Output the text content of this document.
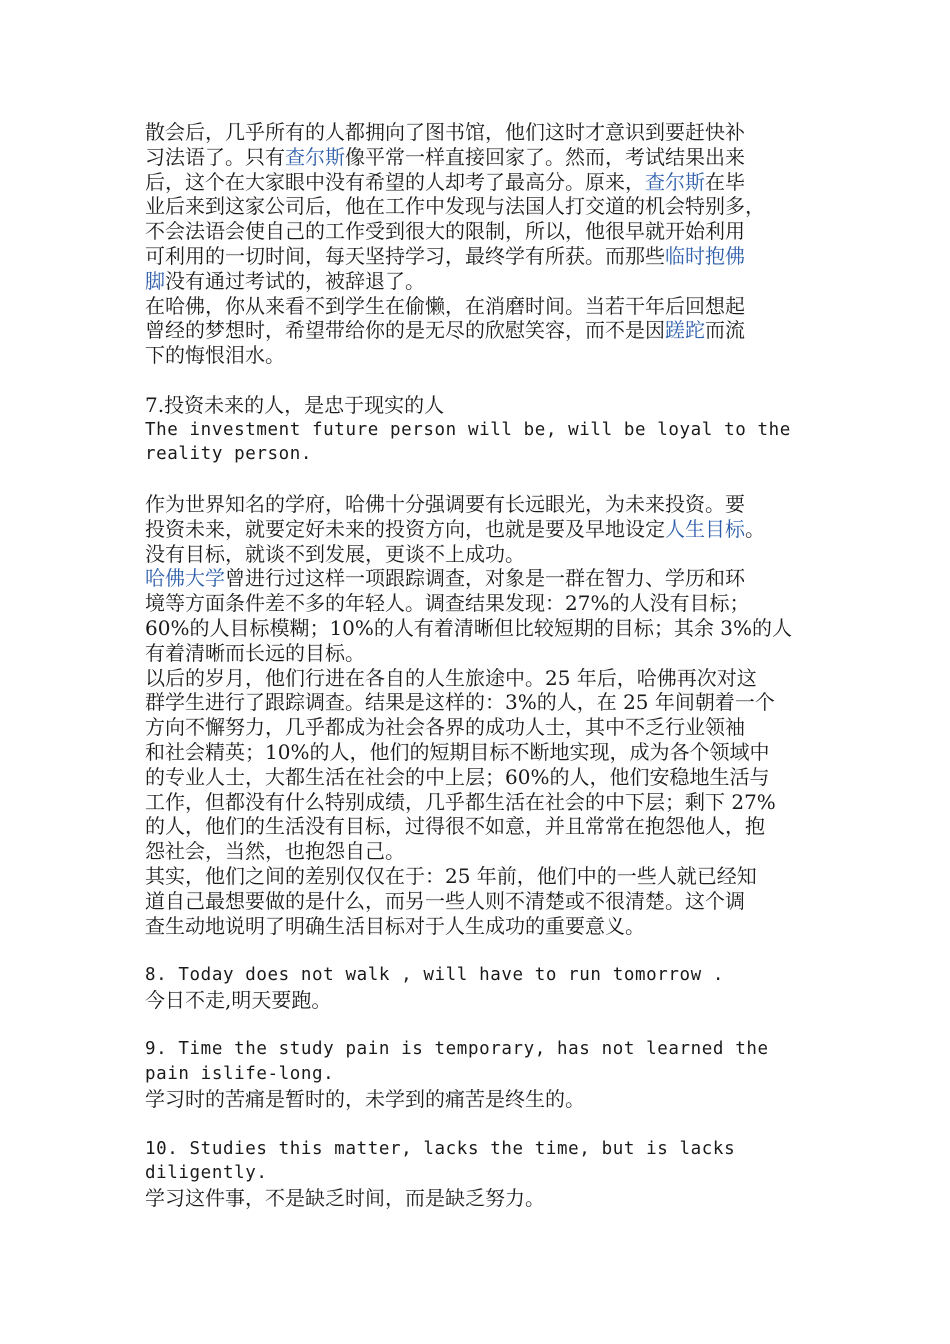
散会后，几乎所有的人都拥向了图书馆，他们这时才意识到要赶快补
习法语了。只有查尔斯像平常一样直接回家了。然而，考试结果出来
后，这个在大家眼中没有希望的人却考了最高分。原来，查尔斯在毕
业后来到这家公司后，他在工作中发现与法国人打交道的机会特别多，
不会法语会使自己的工作受到很大的限制，所以，他很早就开始利用
可利用的一切时间，每天坚持学习，最终学有所获。而那些临时抱佛
脚没有通过考试的，被辞退了。
在哈佛，你从来看不到学生在偷懒，在消磨时间。当若干年后回想起
曾经的梦想时，希望带给你的是无尽的欣慰笑容，而不是因蹉跎而流
下的悔恨泪水。
7.投资未来的人，是忠于现实的人
The investment future person will be, will be loyal to the
reality person.
作为世界知名的学府，哈佛十分强调要有长远眼光，为未来投资。要
投资未来，就要定好未来的投资方向，也就是要及早地设定人生目标。
没有目标，就谈不到发展，更谈不上成功。
哈佛大学曾进行过这样一项跟踪调查，对象是一群在智力、学历和环
境等方面条件差不多的年轻人。调查结果发现：27%的人没有目标；
60%的人目标模糊；10%的人有着清晰但比较短期的目标；其余 3%的人
有着清晰而长远的目标。
以后的岁月，他们行进在各自的人生旅途中。25 年后，哈佛再次对这
群学生进行了跟踪调查。结果是这样的：3%的人，在 25 年间朝着一个
方向不懈努力，几乎都成为社会各界的成功人士，其中不乏行业领袖
和社会精英；10%的人，他们的短期目标不断地实现，成为各个领域中
的专业人士，大都生活在社会的中上层；60%的人，他们安稳地生活与
工作，但都没有什么特别成绩，几乎都生活在社会的中下层；剩下 27%
的人，他们的生活没有目标，过得很不如意，并且常常在抱怨他人，抱
怨社会，当然，也抱怨自己。
其实，他们之间的差别仅仅在于：25 年前，他们中的一些人就已经知
道自己最想要做的是什么，而另一些人则不清楚或不很清楚。这个调
查生动地说明了明确生活目标对于人生成功的重要意义。
8. Today does not walk , will have to run tomorrow .
今日不走,明天要跑。
9. Time the study pain is temporary, has not learned the
pain islife-long.
学习时的苦痛是暂时的，未学到的痛苦是终生的。
10. Studies this matter, lacks the time, but is lacks
diligently.
学习这件事，不是缺乏时间，而是缺乏努力。
